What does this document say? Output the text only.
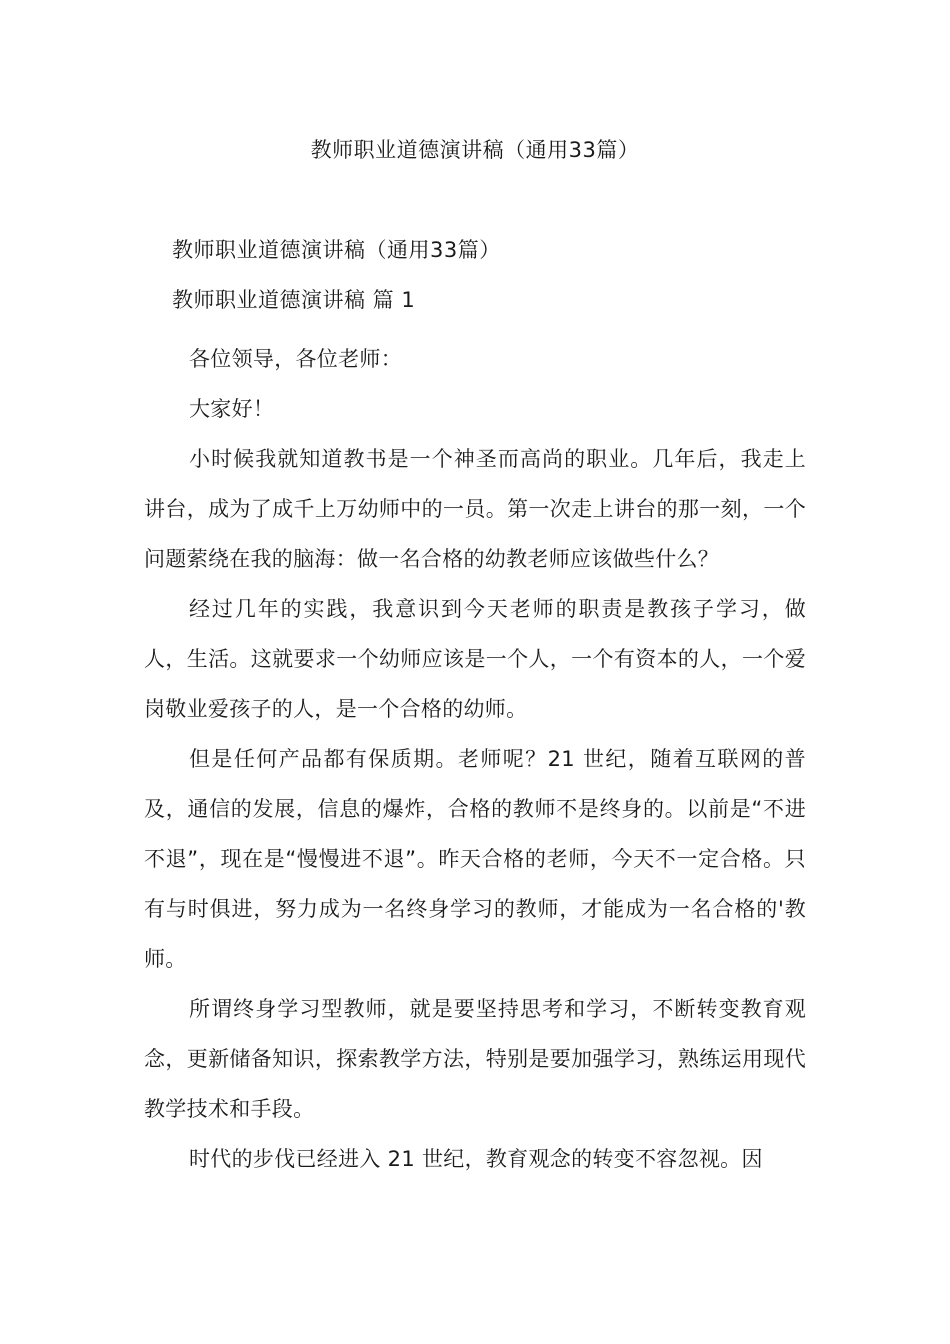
教师职业道德演讲稿（通用33篇）
教师职业道德演讲稿（通用33篇）
教师职业道德演讲稿 篇 1

各位领导，各位老师：

大家好！

小时候我就知道教书是一个神圣而高尚的职业。几年后，我走上讲台，成为了成千上万幼师中的一员。第一次走上讲台的那一刻，一个问题萦绕在我的脑海：做一名合格的幼教老师应该做些什么？

经过几年的实践，我意识到今天老师的职责是教孩子学习，做人，生活。这就要求一个幼师应该是一个人，一个有资本的人，一个爱岗敬业爱孩子的人，是一个合格的幼师。

但是任何产品都有保质期。老师呢？21 世纪，随着互联网的普及，通信的发展，信息的爆炸，合格的教师不是终身的。以前是“不进不退”，现在是“慢慢进不退”。昨天合格的老师，今天不一定合格。只有与时俱进，努力成为一名终身学习的教师，才能成为一名合格的'教师。

所谓终身学习型教师，就是要坚持思考和学习，不断转变教育观念，更新储备知识，探索教学方法，特别是要加强学习，熟练运用现代教学技术和手段。

时代的步伐已经进入 21 世纪，教育观念的转变不容忽视。因
